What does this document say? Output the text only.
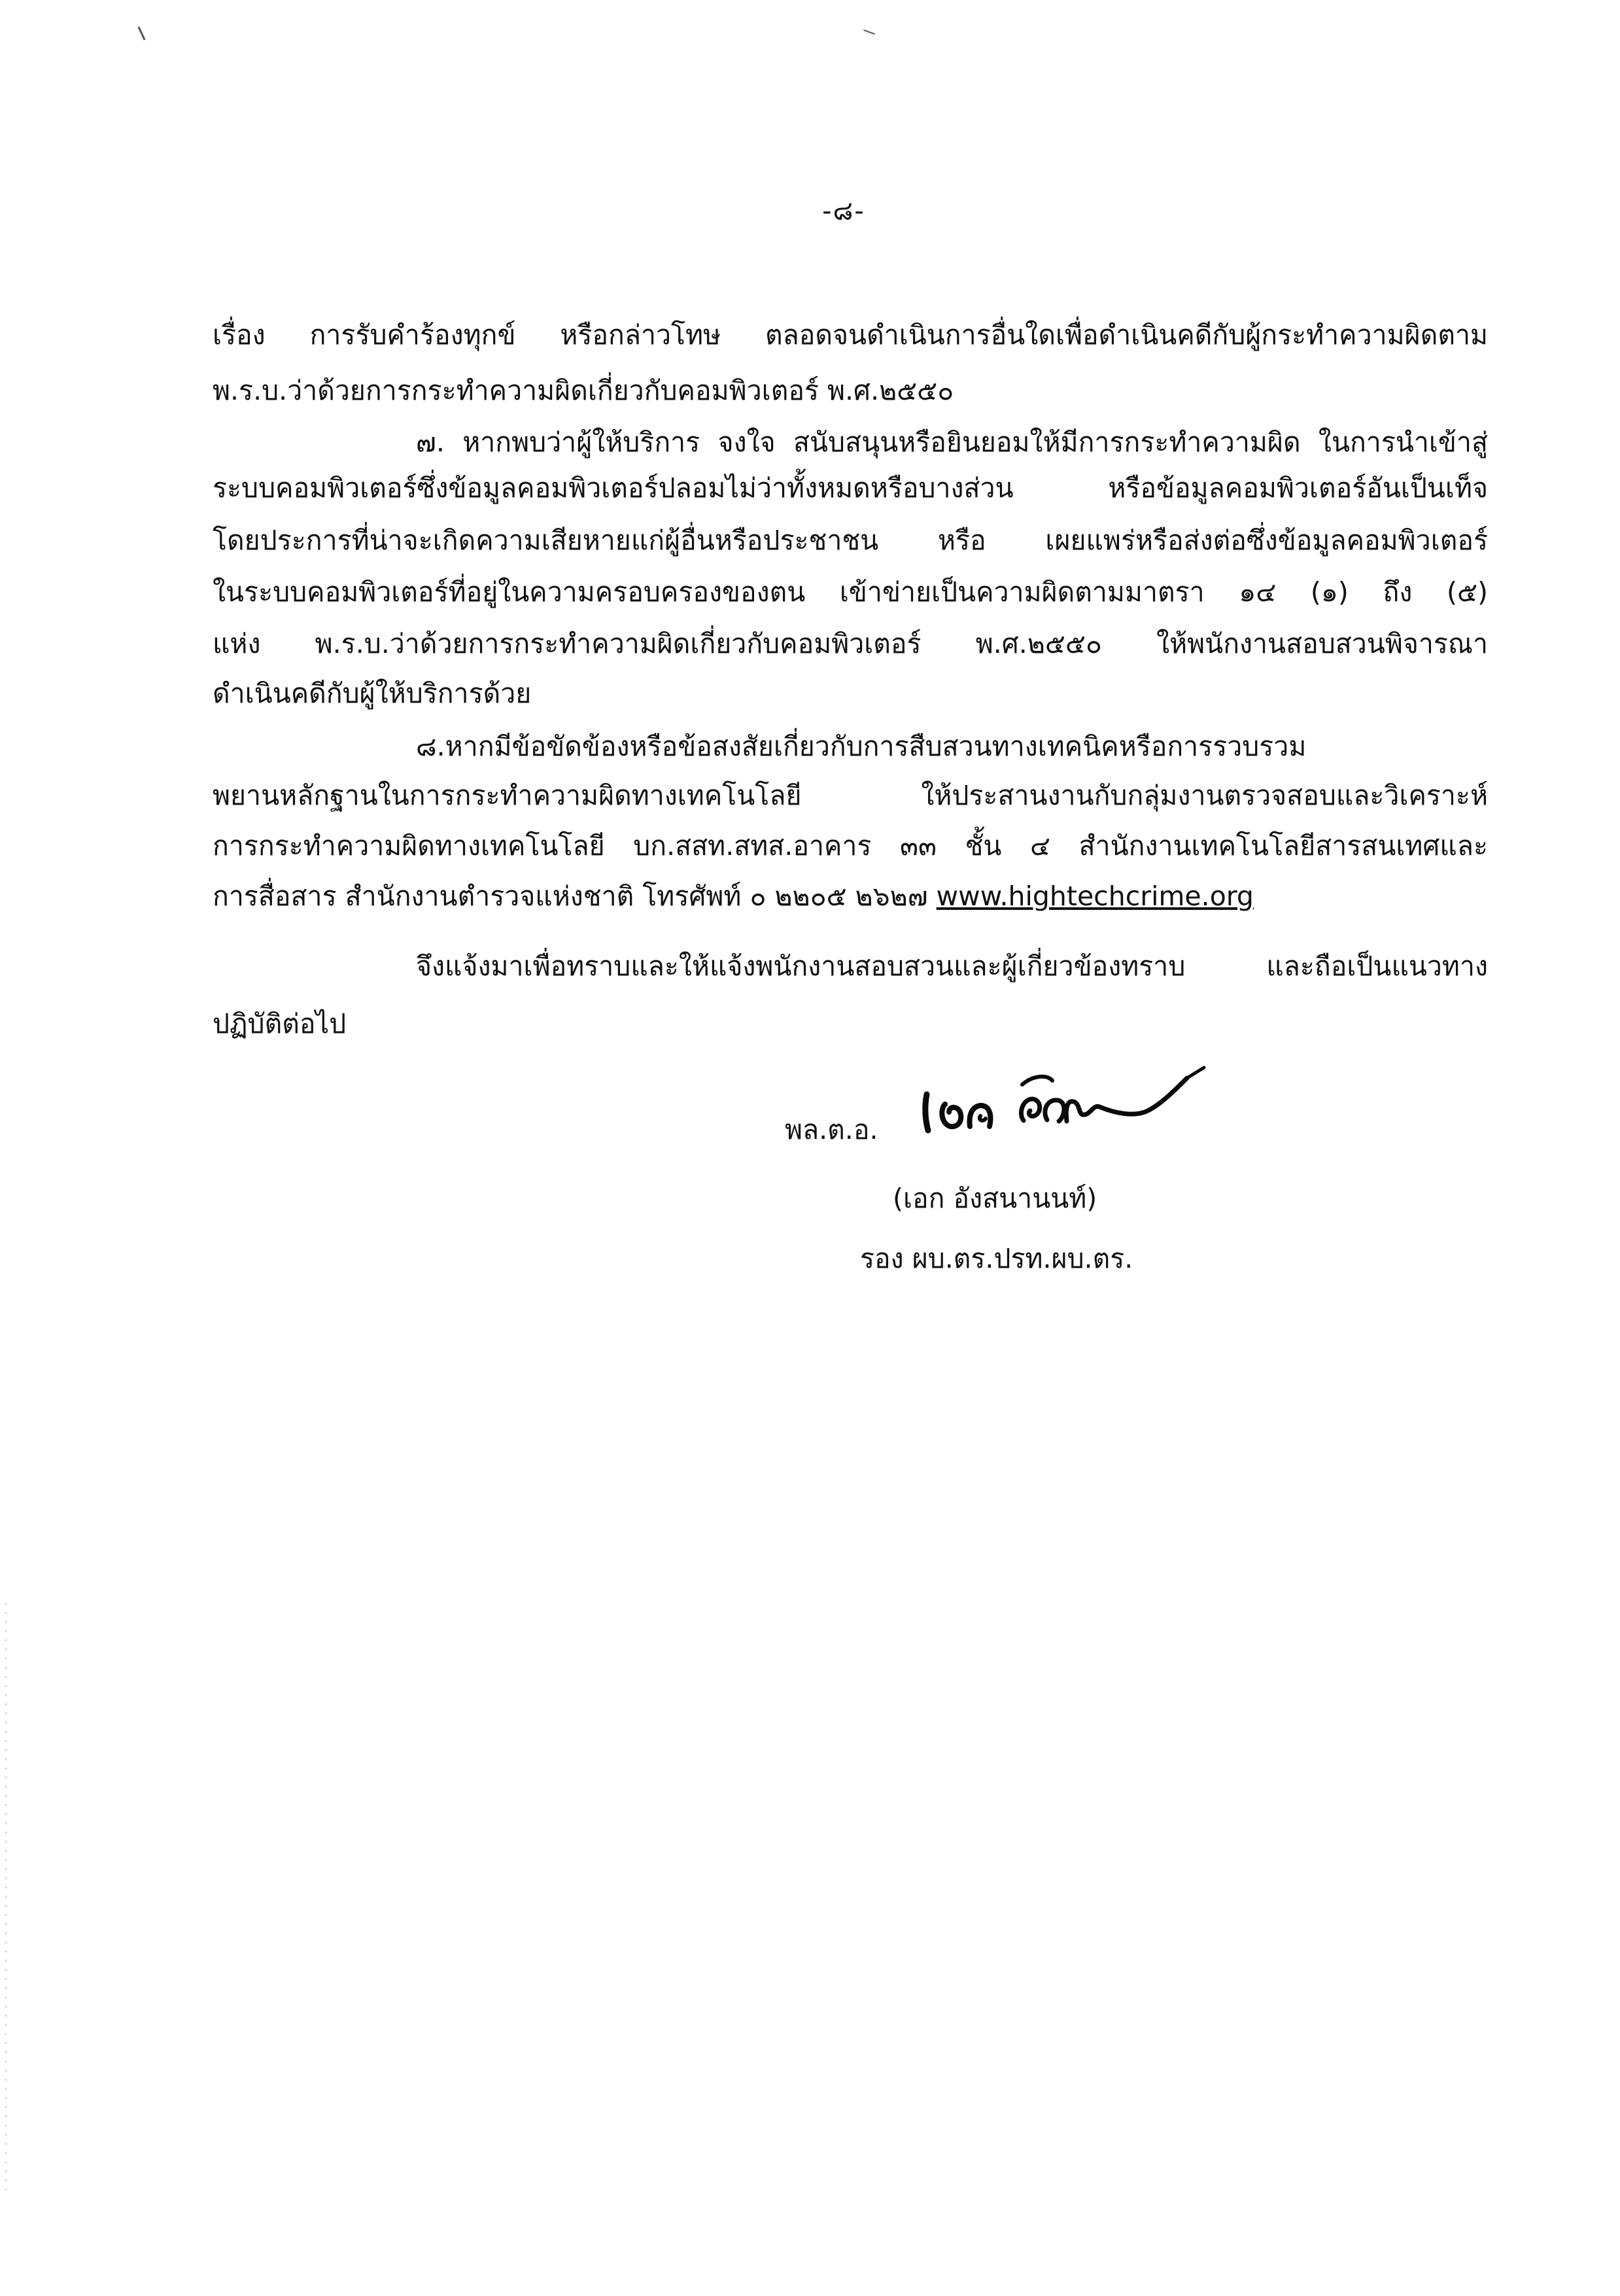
-๘-
เรื่อง การรับคำร้องทุกข์ หรือกล่าวโทษ ตลอดจนดำเนินการอื่นใดเพื่อดำเนินคดีกับผู้กระทำความผิดตาม
พ.ร.บ.ว่าด้วยการกระทำความผิดเกี่ยวกับคอมพิวเตอร์ พ.ศ.๒๕๕๐
๗. หากพบว่าผู้ให้บริการ จงใจ สนับสนุนหรือยินยอมให้มีการกระทำความผิด ในการนำเข้าสู่
ระบบคอมพิวเตอร์ซึ่งข้อมูลคอมพิวเตอร์ปลอมไม่ว่าทั้งหมดหรือบางส่วน หรือข้อมูลคอมพิวเตอร์อันเป็นเท็จ
โดยประการที่น่าจะเกิดความเสียหายแก่ผู้อื่นหรือประชาชน หรือ เผยแพร่หรือส่งต่อซึ่งข้อมูลคอมพิวเตอร์
ในระบบคอมพิวเตอร์ที่อยู่ในความครอบครองของตน เข้าข่ายเป็นความผิดตามมาตรา ๑๔ (๑) ถึง (๕)
แห่ง พ.ร.บ.ว่าด้วยการกระทำความผิดเกี่ยวกับคอมพิวเตอร์ พ.ศ.๒๕๕๐ ให้พนักงานสอบสวนพิจารณา
ดำเนินคดีกับผู้ให้บริการด้วย
๘.หากมีข้อขัดข้องหรือข้อสงสัยเกี่ยวกับการสืบสวนทางเทคนิคหรือการรวบรวม
พยานหลักฐานในการกระทำความผิดทางเทคโนโลยี ให้ประสานงานกับกลุ่มงานตรวจสอบและวิเคราะห์
การกระทำความผิดทางเทคโนโลยี บก.สสท.สทส.อาคาร ๓๓ ชั้น ๔ สำนักงานเทคโนโลยีสารสนเทศและ
การสื่อสาร สำนักงานตำรวจแห่งชาติ โทรศัพท์ ๐ ๒๒๐๕ ๒๖๒๗ www.hightechcrime.org
จึงแจ้งมาเพื่อทราบและให้แจ้งพนักงานสอบสวนและผู้เกี่ยวข้องทราบ และถือเป็นแนวทาง
ปฏิบัติต่อไป
พล.ต.อ.
(เอก อังสนานนท์)
รอง ผบ.ตร.ปรท.ผบ.ตร.
